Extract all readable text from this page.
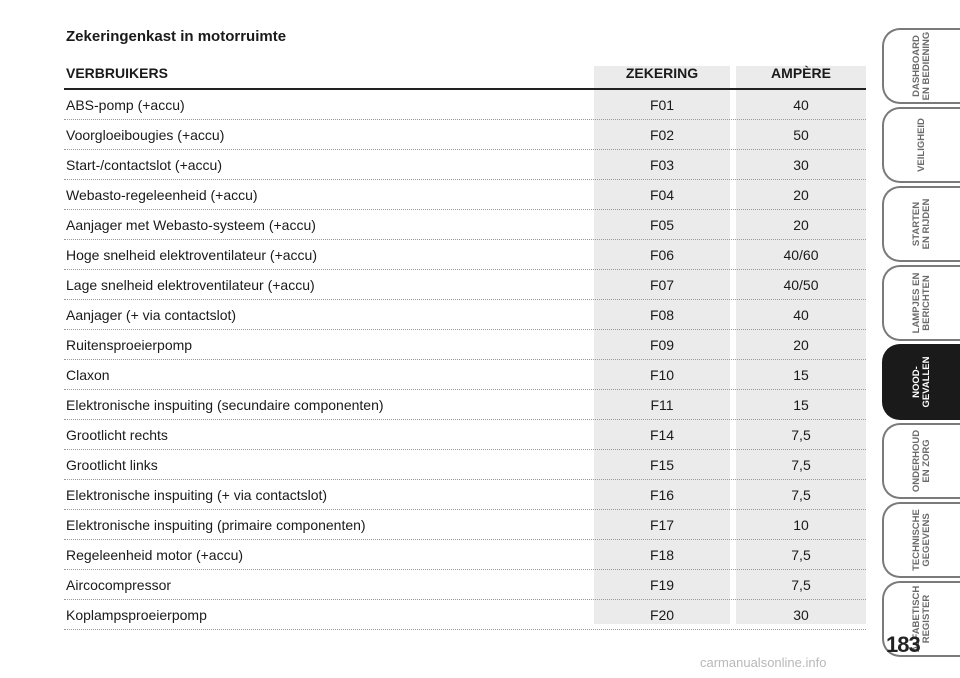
Zekeringenkast in motorruimte
VERBRUIKERS	ZEKERING	AMPÈRE
ABS-pomp (+accu)	F01	40
Voorgloeibougies (+accu)	F02	50
Start-/contactslot (+accu)	F03	30
Webasto-regeleenheid (+accu)	F04	20
Aanjager met Webasto-systeem (+accu)	F05	20
Hoge snelheid elektroventilateur (+accu)	F06	40/60
Lage snelheid elektroventilateur (+accu)	F07	40/50
Aanjager (+ via contactslot)	F08	40
Ruitensproeierpomp	F09	20
Claxon	F10	15
Elektronische inspuiting (secundaire componenten)	F11	15
Grootlicht rechts	F14	7,5
Grootlicht links	F15	7,5
Elektronische inspuiting (+ via contactslot)	F16	7,5
Elektronische inspuiting (primaire componenten)	F17	10
Regeleenheid motor (+accu)	F18	7,5
Aircocompressor	F19	7,5
Koplampsproeierpomp	F20	30
DASHBOARD
EN BEDIENING
VEILIGHEID
STARTEN
EN RIJDEN
LAMPJES EN
BERICHTEN
NOOD-
GEVALLEN
ONDERHOUD
EN ZORG
TECHNISCHE
GEGEVENS
ALFABETISCH
REGISTER
183
carmanualsonline.info
